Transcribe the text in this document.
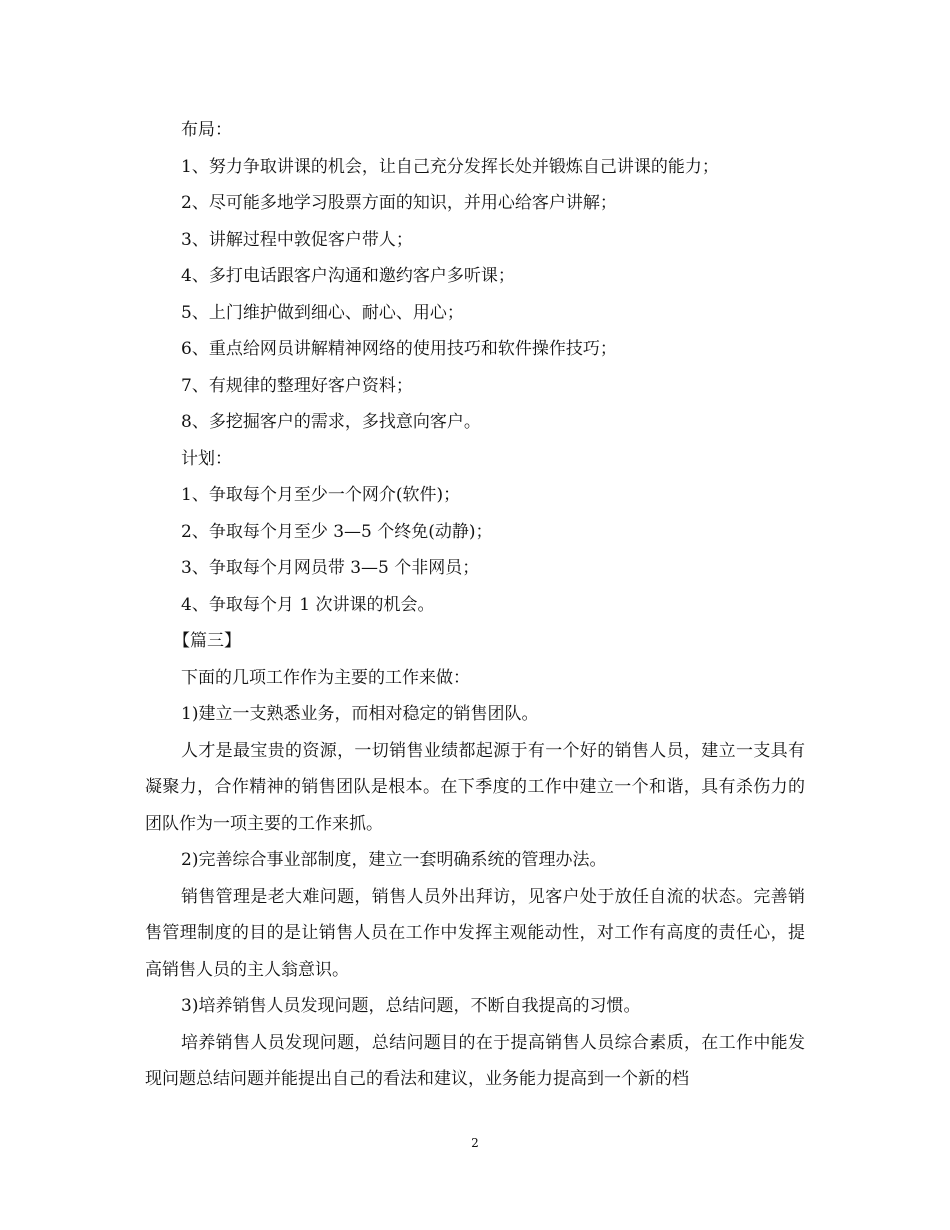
布局：
1、努力争取讲课的机会，让自己充分发挥长处并锻炼自己讲课的能力；
2、尽可能多地学习股票方面的知识，并用心给客户讲解；
3、讲解过程中敦促客户带人；
4、多打电话跟客户沟通和邀约客户多听课；
5、上门维护做到细心、耐心、用心；
6、重点给网员讲解精神网络的使用技巧和软件操作技巧；
7、有规律的整理好客户资料；
8、多挖掘客户的需求，多找意向客户。
计划：
1、争取每个月至少一个网介(软件)；
2、争取每个月至少 3—5 个终免(动静)；
3、争取每个月网员带 3—5 个非网员；
4、争取每个月 1 次讲课的机会。
【篇三】
下面的几项工作作为主要的工作来做：
1)建立一支熟悉业务，而相对稳定的销售团队。
人才是最宝贵的资源，一切销售业绩都起源于有一个好的销售人员，建立一支具有凝聚力，合作精神的销售团队是根本。在下季度的工作中建立一个和谐，具有杀伤力的团队作为一项主要的工作来抓。
2)完善综合事业部制度，建立一套明确系统的管理办法。
销售管理是老大难问题，销售人员外出拜访，见客户处于放任自流的状态。完善销售管理制度的目的是让销售人员在工作中发挥主观能动性，对工作有高度的责任心，提高销售人员的主人翁意识。
3)培养销售人员发现问题，总结问题，不断自我提高的习惯。
培养销售人员发现问题，总结问题目的在于提高销售人员综合素质，在工作中能发现问题总结问题并能提出自己的看法和建议，业务能力提高到一个新的档
2
